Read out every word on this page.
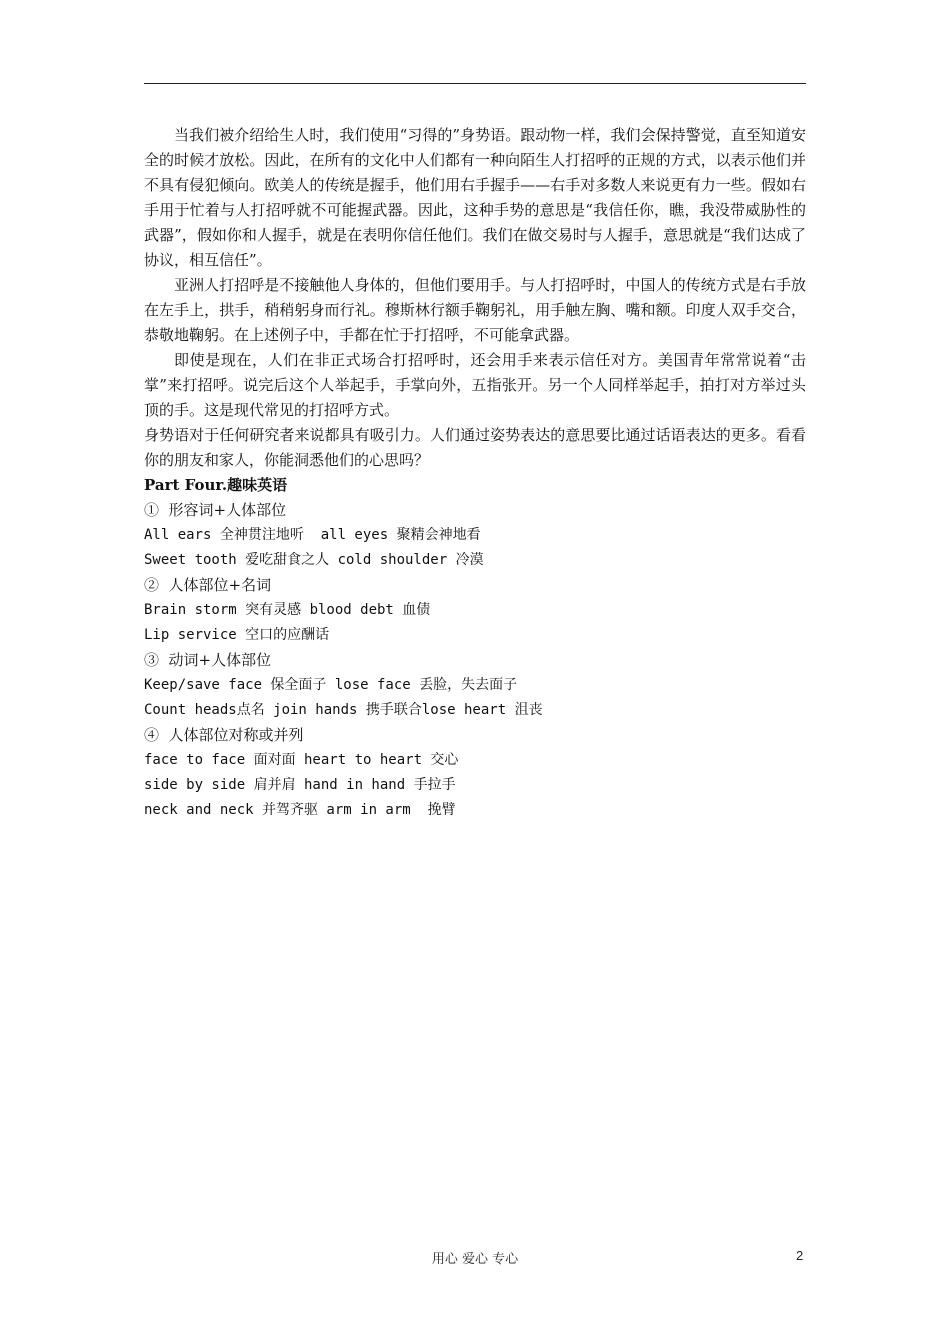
当我们被介绍给生人时，我们使用“习得的”身势语。跟动物一样，我们会保持警觉，直至知道安全的时候才放松。因此，在所有的文化中人们都有一种向陌生人打招呼的正规的方式，以表示他们并不具有侵犯倾向。欧美人的传统是握手，他们用右手握手——右手对多数人来说更有力一些。假如右手用于忙着与人打招呼就不可能握武器。因此，这种手势的意思是“我信任你，瞧，我没带威胁性的武器”，假如你和人握手，就是在表明你信任他们。我们在做交易时与人握手，意思就是“我们达成了协议，相互信任”。

亚洲人打招呼是不接触他人身体的，但他们要用手。与人打招呼时，中国人的传统方式是右手放在左手上，拱手，稍稍躬身而行礼。穆斯林行额手鞠躬礼，用手触左胸、嘴和额。印度人双手交合，恭敬地鞠躬。在上述例子中，手都在忙于打招呼，不可能拿武器。

即使是现在，人们在非正式场合打招呼时，还会用手来表示信任对方。美国青年常常说着“击掌”来打招呼。说完后这个人举起手，手掌向外，五指张开。另一个人同样举起手，拍打对方举过头顶的手。这是现代常见的打招呼方式。

身势语对于任何研究者来说都具有吸引力。人们通过姿势表达的意思要比通过话语表达的更多。看看你的朋友和家人，你能洞悉他们的心思吗？

Part Four.趣味英语

①  形容词+人体部位

All ears 全神贯注地听  all eyes 聚精会神地看

Sweet tooth 爱吃甜食之人 cold shoulder 冷漠

②  人体部位+名词

Brain storm 突有灵感 blood debt 血债

Lip service 空口的应酬话

③  动词+人体部位

Keep/save face 保全面子 lose face 丢脸，失去面子

Count heads点名 join hands 携手联合lose heart 沮丧

④  人体部位对称或并列

face to face 面对面 heart to heart 交心

side by side 肩并肩 hand in hand 手拉手

neck and neck 并驾齐驱 arm in arm  挽臂

用心 爱心 专心	2
